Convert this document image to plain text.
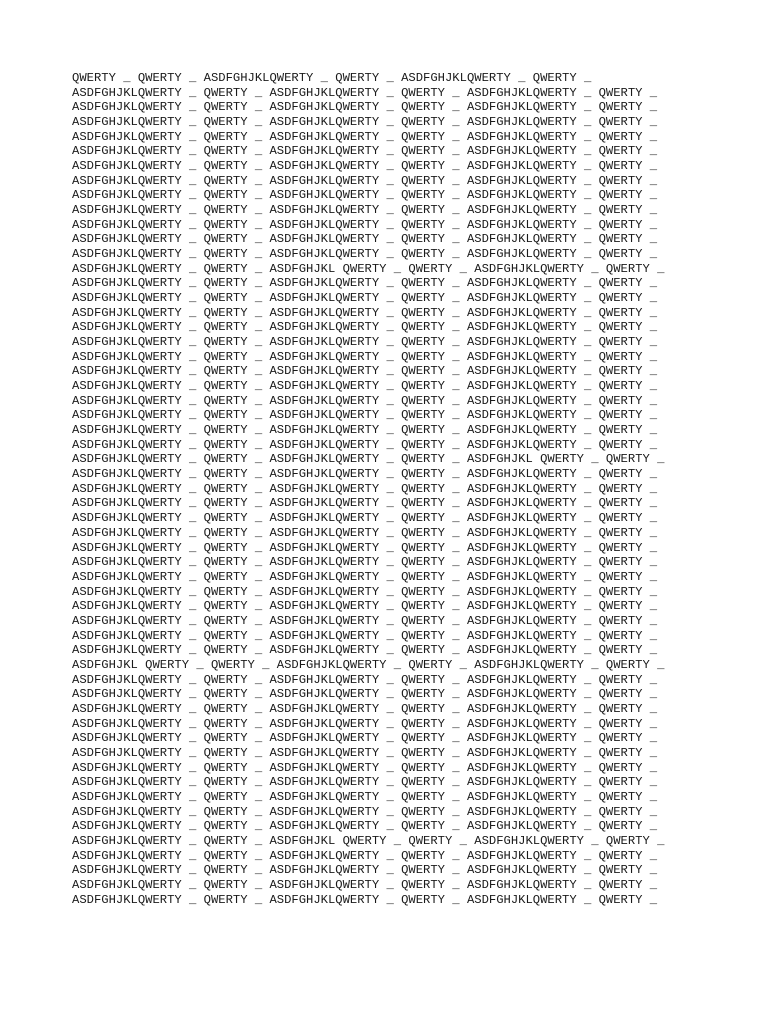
QWERTY _ QWERTY _ ASDFGHJKLQWERTY _ QWERTY _ ASDFGHJKLQWERTY _ QWERTY _
ASDFGHJKLQWERTY _ QWERTY _ ASDFGHJKLQWERTY _ QWERTY _ ASDFGHJKLQWERTY _ QWERTY _
ASDFGHJKLQWERTY _ QWERTY _ ASDFGHJKLQWERTY _ QWERTY _ ASDFGHJKLQWERTY _ QWERTY _
ASDFGHJKLQWERTY _ QWERTY _ ASDFGHJKLQWERTY _ QWERTY _ ASDFGHJKLQWERTY _ QWERTY _
ASDFGHJKLQWERTY _ QWERTY _ ASDFGHJKLQWERTY _ QWERTY _ ASDFGHJKLQWERTY _ QWERTY _
ASDFGHJKLQWERTY _ QWERTY _ ASDFGHJKLQWERTY _ QWERTY _ ASDFGHJKLQWERTY _ QWERTY _
ASDFGHJKLQWERTY _ QWERTY _ ASDFGHJKLQWERTY _ QWERTY _ ASDFGHJKLQWERTY _ QWERTY _
ASDFGHJKLQWERTY _ QWERTY _ ASDFGHJKLQWERTY _ QWERTY _ ASDFGHJKLQWERTY _ QWERTY _
ASDFGHJKLQWERTY _ QWERTY _ ASDFGHJKLQWERTY _ QWERTY _ ASDFGHJKLQWERTY _ QWERTY _
ASDFGHJKLQWERTY _ QWERTY _ ASDFGHJKLQWERTY _ QWERTY _ ASDFGHJKLQWERTY _ QWERTY _
ASDFGHJKLQWERTY _ QWERTY _ ASDFGHJKLQWERTY _ QWERTY _ ASDFGHJKLQWERTY _ QWERTY _
ASDFGHJKLQWERTY _ QWERTY _ ASDFGHJKLQWERTY _ QWERTY _ ASDFGHJKLQWERTY _ QWERTY _
ASDFGHJKLQWERTY _ QWERTY _ ASDFGHJKLQWERTY _ QWERTY _ ASDFGHJKLQWERTY _ QWERTY _
ASDFGHJKLQWERTY _ QWERTY _ ASDFGHJKL QWERTY _ QWERTY _ ASDFGHJKLQWERTY _ QWERTY _
ASDFGHJKLQWERTY _ QWERTY _ ASDFGHJKLQWERTY _ QWERTY _ ASDFGHJKLQWERTY _ QWERTY _
ASDFGHJKLQWERTY _ QWERTY _ ASDFGHJKLQWERTY _ QWERTY _ ASDFGHJKLQWERTY _ QWERTY _
ASDFGHJKLQWERTY _ QWERTY _ ASDFGHJKLQWERTY _ QWERTY _ ASDFGHJKLQWERTY _ QWERTY _
ASDFGHJKLQWERTY _ QWERTY _ ASDFGHJKLQWERTY _ QWERTY _ ASDFGHJKLQWERTY _ QWERTY _
ASDFGHJKLQWERTY _ QWERTY _ ASDFGHJKLQWERTY _ QWERTY _ ASDFGHJKLQWERTY _ QWERTY _
ASDFGHJKLQWERTY _ QWERTY _ ASDFGHJKLQWERTY _ QWERTY _ ASDFGHJKLQWERTY _ QWERTY _
ASDFGHJKLQWERTY _ QWERTY _ ASDFGHJKLQWERTY _ QWERTY _ ASDFGHJKLQWERTY _ QWERTY _
ASDFGHJKLQWERTY _ QWERTY _ ASDFGHJKLQWERTY _ QWERTY _ ASDFGHJKLQWERTY _ QWERTY _
ASDFGHJKLQWERTY _ QWERTY _ ASDFGHJKLQWERTY _ QWERTY _ ASDFGHJKLQWERTY _ QWERTY _
ASDFGHJKLQWERTY _ QWERTY _ ASDFGHJKLQWERTY _ QWERTY _ ASDFGHJKLQWERTY _ QWERTY _
ASDFGHJKLQWERTY _ QWERTY _ ASDFGHJKLQWERTY _ QWERTY _ ASDFGHJKLQWERTY _ QWERTY _
ASDFGHJKLQWERTY _ QWERTY _ ASDFGHJKLQWERTY _ QWERTY _ ASDFGHJKLQWERTY _ QWERTY _
ASDFGHJKLQWERTY _ QWERTY _ ASDFGHJKLQWERTY _ QWERTY _ ASDFGHJKL QWERTY _ QWERTY _
ASDFGHJKLQWERTY _ QWERTY _ ASDFGHJKLQWERTY _ QWERTY _ ASDFGHJKLQWERTY _ QWERTY _
ASDFGHJKLQWERTY _ QWERTY _ ASDFGHJKLQWERTY _ QWERTY _ ASDFGHJKLQWERTY _ QWERTY _
ASDFGHJKLQWERTY _ QWERTY _ ASDFGHJKLQWERTY _ QWERTY _ ASDFGHJKLQWERTY _ QWERTY _
ASDFGHJKLQWERTY _ QWERTY _ ASDFGHJKLQWERTY _ QWERTY _ ASDFGHJKLQWERTY _ QWERTY _
ASDFGHJKLQWERTY _ QWERTY _ ASDFGHJKLQWERTY _ QWERTY _ ASDFGHJKLQWERTY _ QWERTY _
ASDFGHJKLQWERTY _ QWERTY _ ASDFGHJKLQWERTY _ QWERTY _ ASDFGHJKLQWERTY _ QWERTY _
ASDFGHJKLQWERTY _ QWERTY _ ASDFGHJKLQWERTY _ QWERTY _ ASDFGHJKLQWERTY _ QWERTY _
ASDFGHJKLQWERTY _ QWERTY _ ASDFGHJKLQWERTY _ QWERTY _ ASDFGHJKLQWERTY _ QWERTY _
ASDFGHJKLQWERTY _ QWERTY _ ASDFGHJKLQWERTY _ QWERTY _ ASDFGHJKLQWERTY _ QWERTY _
ASDFGHJKLQWERTY _ QWERTY _ ASDFGHJKLQWERTY _ QWERTY _ ASDFGHJKLQWERTY _ QWERTY _
ASDFGHJKLQWERTY _ QWERTY _ ASDFGHJKLQWERTY _ QWERTY _ ASDFGHJKLQWERTY _ QWERTY _
ASDFGHJKLQWERTY _ QWERTY _ ASDFGHJKLQWERTY _ QWERTY _ ASDFGHJKLQWERTY _ QWERTY _
ASDFGHJKLQWERTY _ QWERTY _ ASDFGHJKLQWERTY _ QWERTY _ ASDFGHJKLQWERTY _ QWERTY _
ASDFGHJKL QWERTY _ QWERTY _ ASDFGHJKLQWERTY _ QWERTY _ ASDFGHJKLQWERTY _ QWERTY _
ASDFGHJKLQWERTY _ QWERTY _ ASDFGHJKLQWERTY _ QWERTY _ ASDFGHJKLQWERTY _ QWERTY _
ASDFGHJKLQWERTY _ QWERTY _ ASDFGHJKLQWERTY _ QWERTY _ ASDFGHJKLQWERTY _ QWERTY _
ASDFGHJKLQWERTY _ QWERTY _ ASDFGHJKLQWERTY _ QWERTY _ ASDFGHJKLQWERTY _ QWERTY _
ASDFGHJKLQWERTY _ QWERTY _ ASDFGHJKLQWERTY _ QWERTY _ ASDFGHJKLQWERTY _ QWERTY _
ASDFGHJKLQWERTY _ QWERTY _ ASDFGHJKLQWERTY _ QWERTY _ ASDFGHJKLQWERTY _ QWERTY _
ASDFGHJKLQWERTY _ QWERTY _ ASDFGHJKLQWERTY _ QWERTY _ ASDFGHJKLQWERTY _ QWERTY _
ASDFGHJKLQWERTY _ QWERTY _ ASDFGHJKLQWERTY _ QWERTY _ ASDFGHJKLQWERTY _ QWERTY _
ASDFGHJKLQWERTY _ QWERTY _ ASDFGHJKLQWERTY _ QWERTY _ ASDFGHJKLQWERTY _ QWERTY _
ASDFGHJKLQWERTY _ QWERTY _ ASDFGHJKLQWERTY _ QWERTY _ ASDFGHJKLQWERTY _ QWERTY _
ASDFGHJKLQWERTY _ QWERTY _ ASDFGHJKLQWERTY _ QWERTY _ ASDFGHJKLQWERTY _ QWERTY _
ASDFGHJKLQWERTY _ QWERTY _ ASDFGHJKLQWERTY _ QWERTY _ ASDFGHJKLQWERTY _ QWERTY _
ASDFGHJKLQWERTY _ QWERTY _ ASDFGHJKL QWERTY _ QWERTY _ ASDFGHJKLQWERTY _ QWERTY _
ASDFGHJKLQWERTY _ QWERTY _ ASDFGHJKLQWERTY _ QWERTY _ ASDFGHJKLQWERTY _ QWERTY _
ASDFGHJKLQWERTY _ QWERTY _ ASDFGHJKLQWERTY _ QWERTY _ ASDFGHJKLQWERTY _ QWERTY _
ASDFGHJKLQWERTY _ QWERTY _ ASDFGHJKLQWERTY _ QWERTY _ ASDFGHJKLQWERTY _ QWERTY _
ASDFGHJKLQWERTY _ QWERTY _ ASDFGHJKLQWERTY _ QWERTY _ ASDFGHJKLQWERTY _ QWERTY _
